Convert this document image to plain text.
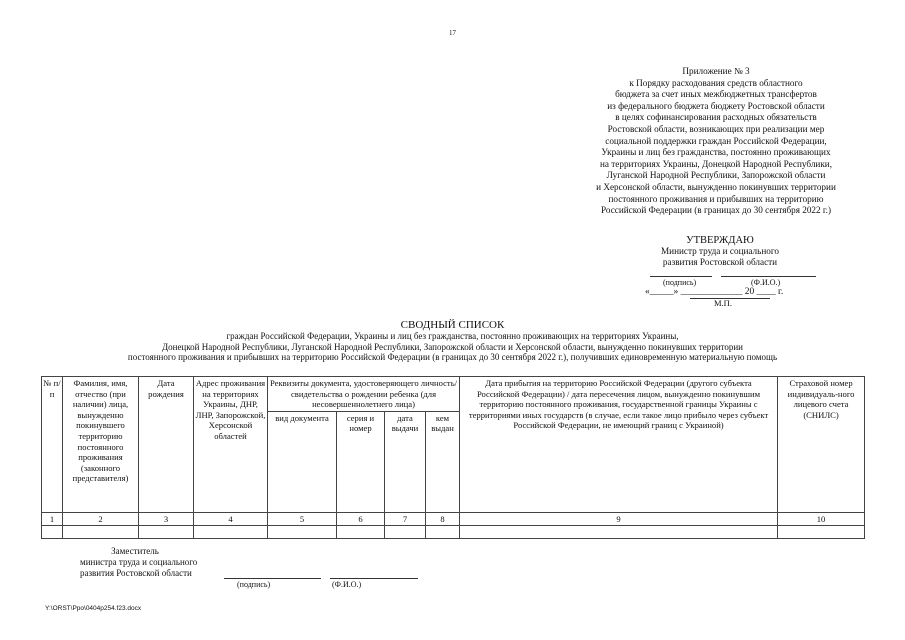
17
Приложение № 3
к Порядку расходования средств областного
бюджета за счет иных межбюджетных трансфертов
из федерального бюджета бюджету Ростовской области
в целях софинансирования расходных обязательств
Ростовской области, возникающих при реализации мер
социальной поддержки граждан Российской Федерации,
Украины и лиц без гражданства, постоянно проживающих
на территориях Украины, Донецкой Народной Республики,
Луганской Народной Республики, Запорожской области
и Херсонской области, вынужденно покинувших территории
постоянного проживания и прибывших на территорию
Российской Федерации (в границах до 30 сентября 2022 г.)
УТВЕРЖДАЮ
Министр труда и социального
развития Ростовской области
(подпись)	(Ф.И.О.)
«_____» _____________ 20 ____ г.
М.П.
СВОДНЫЙ СПИСОК
граждан Российской Федерации, Украины и лиц без гражданства, постоянно проживающих на территориях Украины,
Донецкой Народной Республики, Луганской Народной Республики, Запорожской области и Херсонской области, вынужденно покинувших территории
постоянного проживания и прибывших на территорию Российской Федерации (в границах до 30 сентября 2022 г.), получивших единовременную материальную помощь
№ п/п	Фамилия, имя, отчество (при наличии) лица, вынужденно покинувшего территорию постоянного проживания (законного представителя)	Дата рождения	Адрес проживания на территориях Украины, ДНР, ЛНР, Запорожской, Херсонской областей	Реквизиты документа, удостоверяющего личность/ свидетельства о рождении ребенка (для несовершеннолетнего лица)				Дата прибытия на территорию Российской Федерации (другого субъекта Российской Федерации) / дата пересечения лицом, вынужденно покинувшим территорию постоянного проживания, государственной границы Украины с территориями иных государств (в случае, если такое лицо прибыло через субъект Российской Федерации, не имеющий границ с Украиной)	Страховой номер индивидуаль-ного лицевого счета (СНИЛС)
				вид документа	серия и номер	дата выдачи	кем выдан		
1	2	3	4	5	6	7	8	9	10

Заместитель
министра труда и социального
развития Ростовской области
(подпись)	(Ф.И.О.)
Y:\ORST\Ppo\0404p254.f23.docx
